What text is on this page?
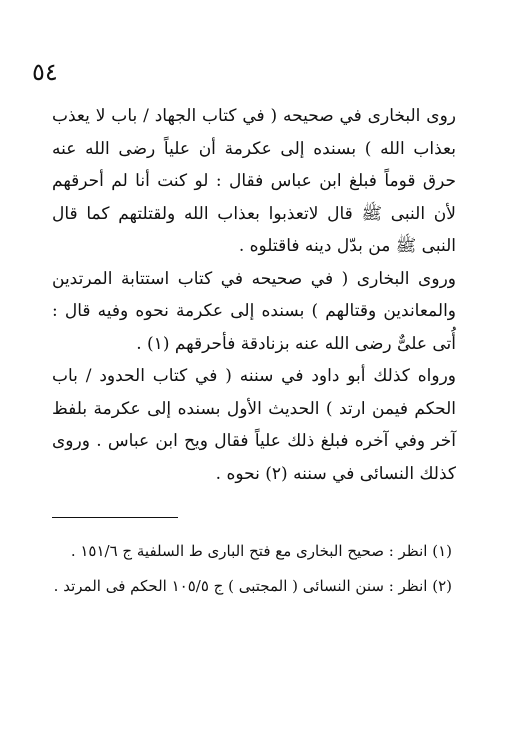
٥٤

روى البخارى في صحيحه ( في كتاب الجهاد / باب لا يعذب بعذاب الله ) بسنده إلى عكرمة أن علياً رضى الله عنه حرق قوماً فبلغ ابن عباس فقال : لو كنت أنا لم أحرقهم لأن النبى ﷺ قال لاتعذبوا بعذاب الله ولقتلتهم كما قال النبى ﷺ من بدّل دينه فاقتلوه .

وروى البخارى ( في صحيحه في كتاب استتابة المرتدين والمعاندين وقتالهم ) بسنده إلى عكرمة نحوه وفيه قال : أُتى علىٌّ رضى الله عنه بزنادقة فأحرقهم (١) .

ورواه كذلك أبو داود في سننه ( في كتاب الحدود / باب الحكم فيمن ارتد ) الحديث الأول بسنده إلى عكرمة بلفظ آخر وفي آخره فبلغ ذلك علياً فقال ويح ابن عباس . وروى كذلك النسائى في سننه (٢) نحوه .

(١) انظر : صحيح البخارى مع فتح البارى ط السلفية ج ١٥١/٦ .

(٢) انظر : سنن النسائى ( المجتبى ) ج ١٠٥/٥ الحكم فى المرتد .
